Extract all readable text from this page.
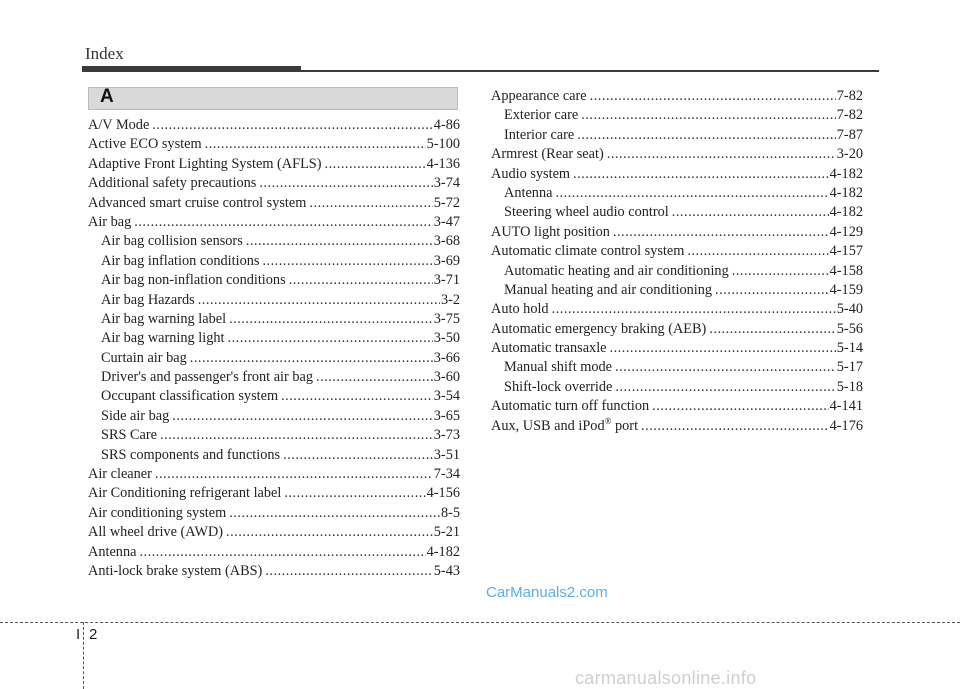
Index
A
A/V Mode .....	4-86
Active ECO system .....	5-100
Adaptive Front Lighting System (AFLS) .....	4-136
Additional safety precautions .....	3-74
Advanced smart cruise control system .....	5-72
Air bag .....	3-47
Air bag collision sensors .....	3-68
Air bag inflation conditions .....	3-69
Air bag non-inflation conditions .....	3-71
Air bag Hazards .....	3-2
Air bag warning label .....	3-75
Air bag warning light .....	3-50
Curtain air bag .....	3-66
Driver's and passenger's front air bag .....	3-60
Occupant classification system .....	3-54
Side air bag .....	3-65
SRS Care .....	3-73
SRS components and functions .....	3-51
Air cleaner .....	7-34
Air Conditioning refrigerant label .....	4-156
Air conditioning system .....	8-5
All wheel drive (AWD) .....	5-21
Antenna .....	4-182
Anti-lock brake system (ABS) .....	5-43
Appearance care .....	7-82
Exterior care .....	7-82
Interior care .....	7-87
Armrest (Rear seat) .....	3-20
Audio system .....	4-182
Antenna .....	4-182
Steering wheel audio control .....	4-182
AUTO light position .....	4-129
Automatic climate control system .....	4-157
Automatic heating and air conditioning .....	4-158
Manual heating and air conditioning .....	4-159
Auto hold .....	5-40
Automatic emergency braking (AEB) .....	5-56
Automatic transaxle .....	5-14
Manual shift mode .....	5-17
Shift-lock override .....	5-18
Automatic turn off function .....	4-141
Aux, USB and iPod® port .....	4-176
CarManuals2.com
I 2
carmanualsonline.info
